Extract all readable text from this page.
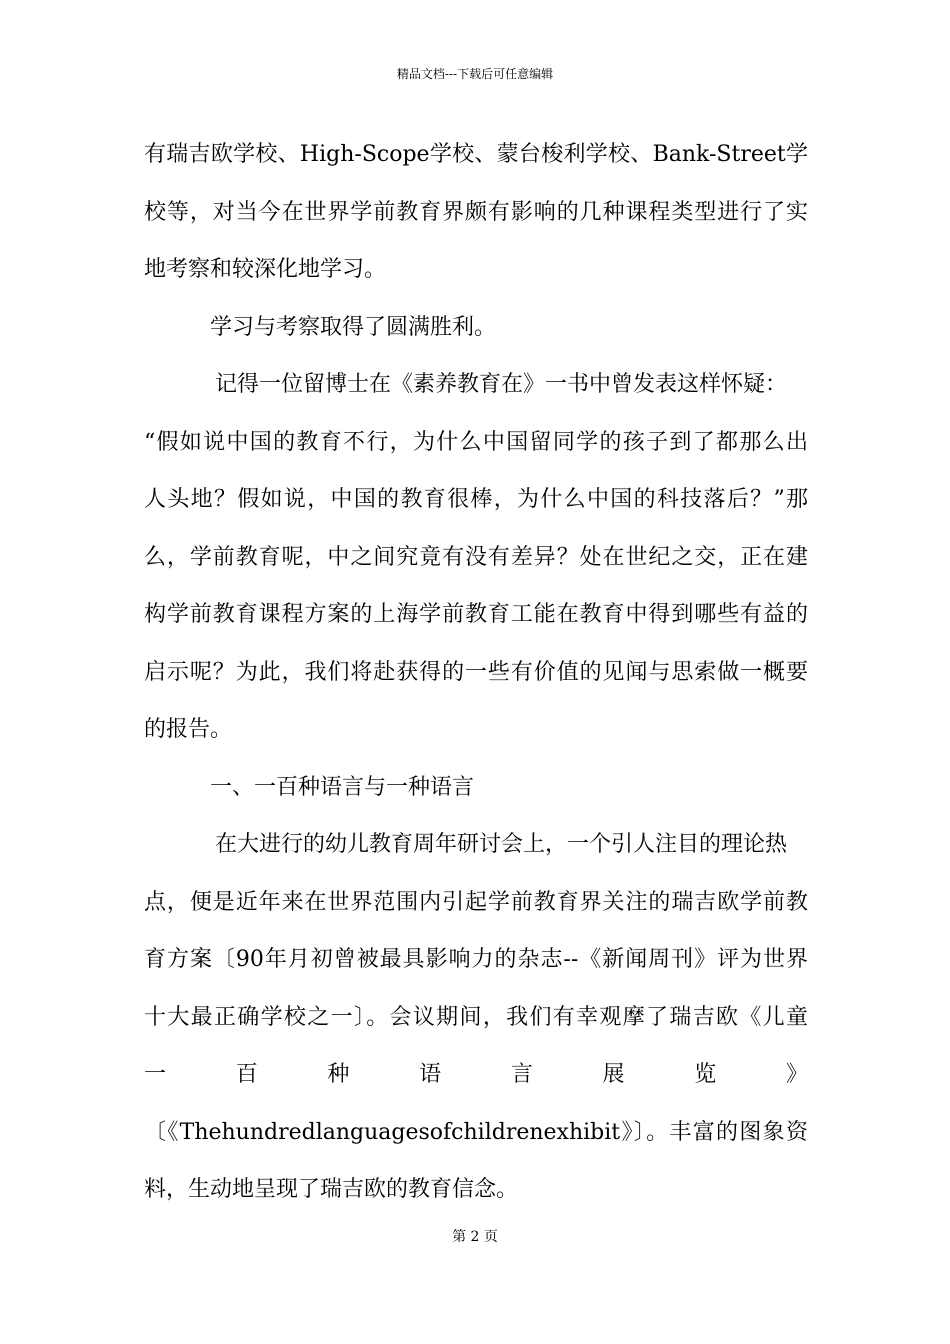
精品文档---下载后可任意编辑
有瑞吉欧学校、High-Scope学校、蒙台梭利学校、Bank-Street学
校等，对当今在世界学前教育界颇有影响的几种课程类型进行了实
地考察和较深化地学习。
学习与考察取得了圆满胜利。
记得一位留博士在《素养教育在》一书中曾发表这样怀疑：
“假如说中国的教育不行，为什么中国留同学的孩子到了都那么出
人头地？假如说，中国的教育很棒，为什么中国的科技落后？”那
么，学前教育呢，中之间究竟有没有差异？处在世纪之交，正在建
构学前教育课程方案的上海学前教育工能在教育中得到哪些有益的
启示呢？为此，我们将赴获得的一些有价值的见闻与思索做一概要
的报告。
一、一百种语言与一种语言
在大进行的幼儿教育周年研讨会上，一个引人注目的理论热
点，便是近年来在世界范围内引起学前教育界关注的瑞吉欧学前教
育方案〔90年月初曾被最具影响力的杂志--《新闻周刊》评为世界
十大最正确学校之一〕。会议期间，我们有幸观摩了瑞吉欧《儿童
一	百	种	语	言	展	览	》
〔《Thehundredlanguagesofchildrenexhibit》〕。丰富的图象资
料，生动地呈现了瑞吉欧的教育信念。
第 2 页
